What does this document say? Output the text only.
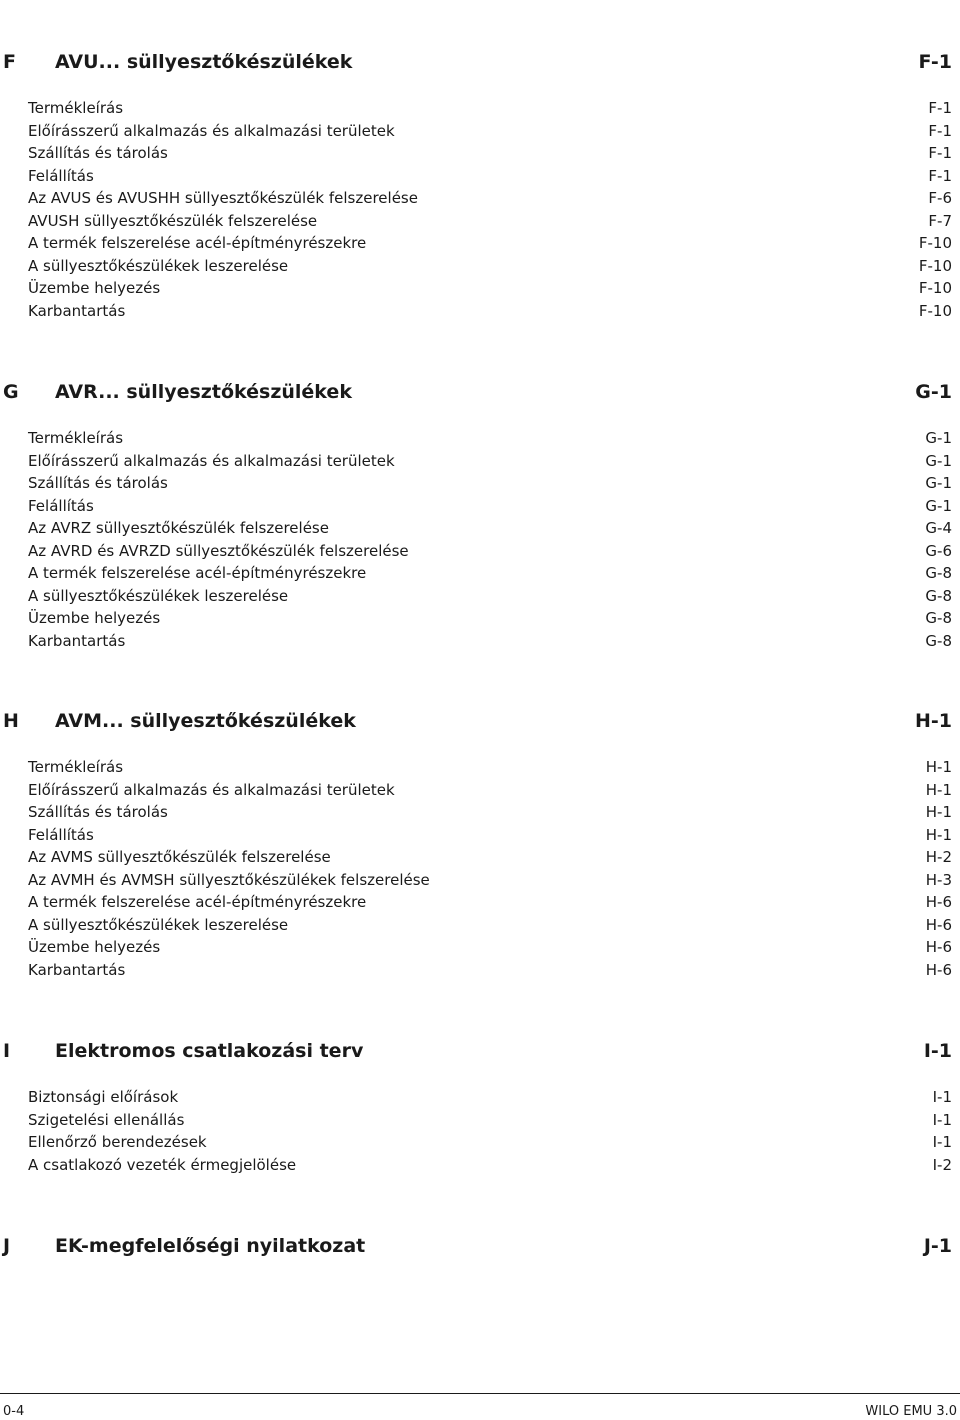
F AVU... süllyesztőkészülékek	F-1
Termékleírás	F-1
Előírásszerű alkalmazás és alkalmazási területek	F-1
Szállítás és tárolás	F-1
Felállítás	F-1
Az AVUS és AVUSHH süllyesztőkészülék felszerelése	F-6
AVUSH süllyesztőkészülék felszerelése	F-7
A termék felszerelése acél-építményrészekre	F-10
A süllyesztőkészülékek leszerelése	F-10
Üzembe helyezés	F-10
Karbantartás	F-10
G AVR... süllyesztőkészülékek	G-1
Termékleírás	G-1
Előírásszerű alkalmazás és alkalmazási területek	G-1
Szállítás és tárolás	G-1
Felállítás	G-1
Az AVRZ süllyesztőkészülék felszerelése	G-4
Az AVRD és AVRZD süllyesztőkészülék felszerelése	G-6
A termék felszerelése acél-építményrészekre	G-8
A süllyesztőkészülékek leszerelése	G-8
Üzembe helyezés	G-8
Karbantartás	G-8
H AVM... süllyesztőkészülékek	H-1
Termékleírás	H-1
Előírásszerű alkalmazás és alkalmazási területek	H-1
Szállítás és tárolás	H-1
Felállítás	H-1
Az AVMS süllyesztőkészülék felszerelése	H-2
Az AVMH és AVMSH süllyesztőkészülékek felszerelése	H-3
A termék felszerelése acél-építményrészekre	H-6
A süllyesztőkészülékek leszerelése	H-6
Üzembe helyezés	H-6
Karbantartás	H-6
I Elektromos csatlakozási terv	I-1
Biztonsági előírások	I-1
Szigetelési ellenállás	I-1
Ellenőrző berendezések	I-1
A csatlakozó vezeték érmegjelölése	I-2
J EK-megfelelőségi nyilatkozat	J-1
0-4	WILO EMU 3.0
